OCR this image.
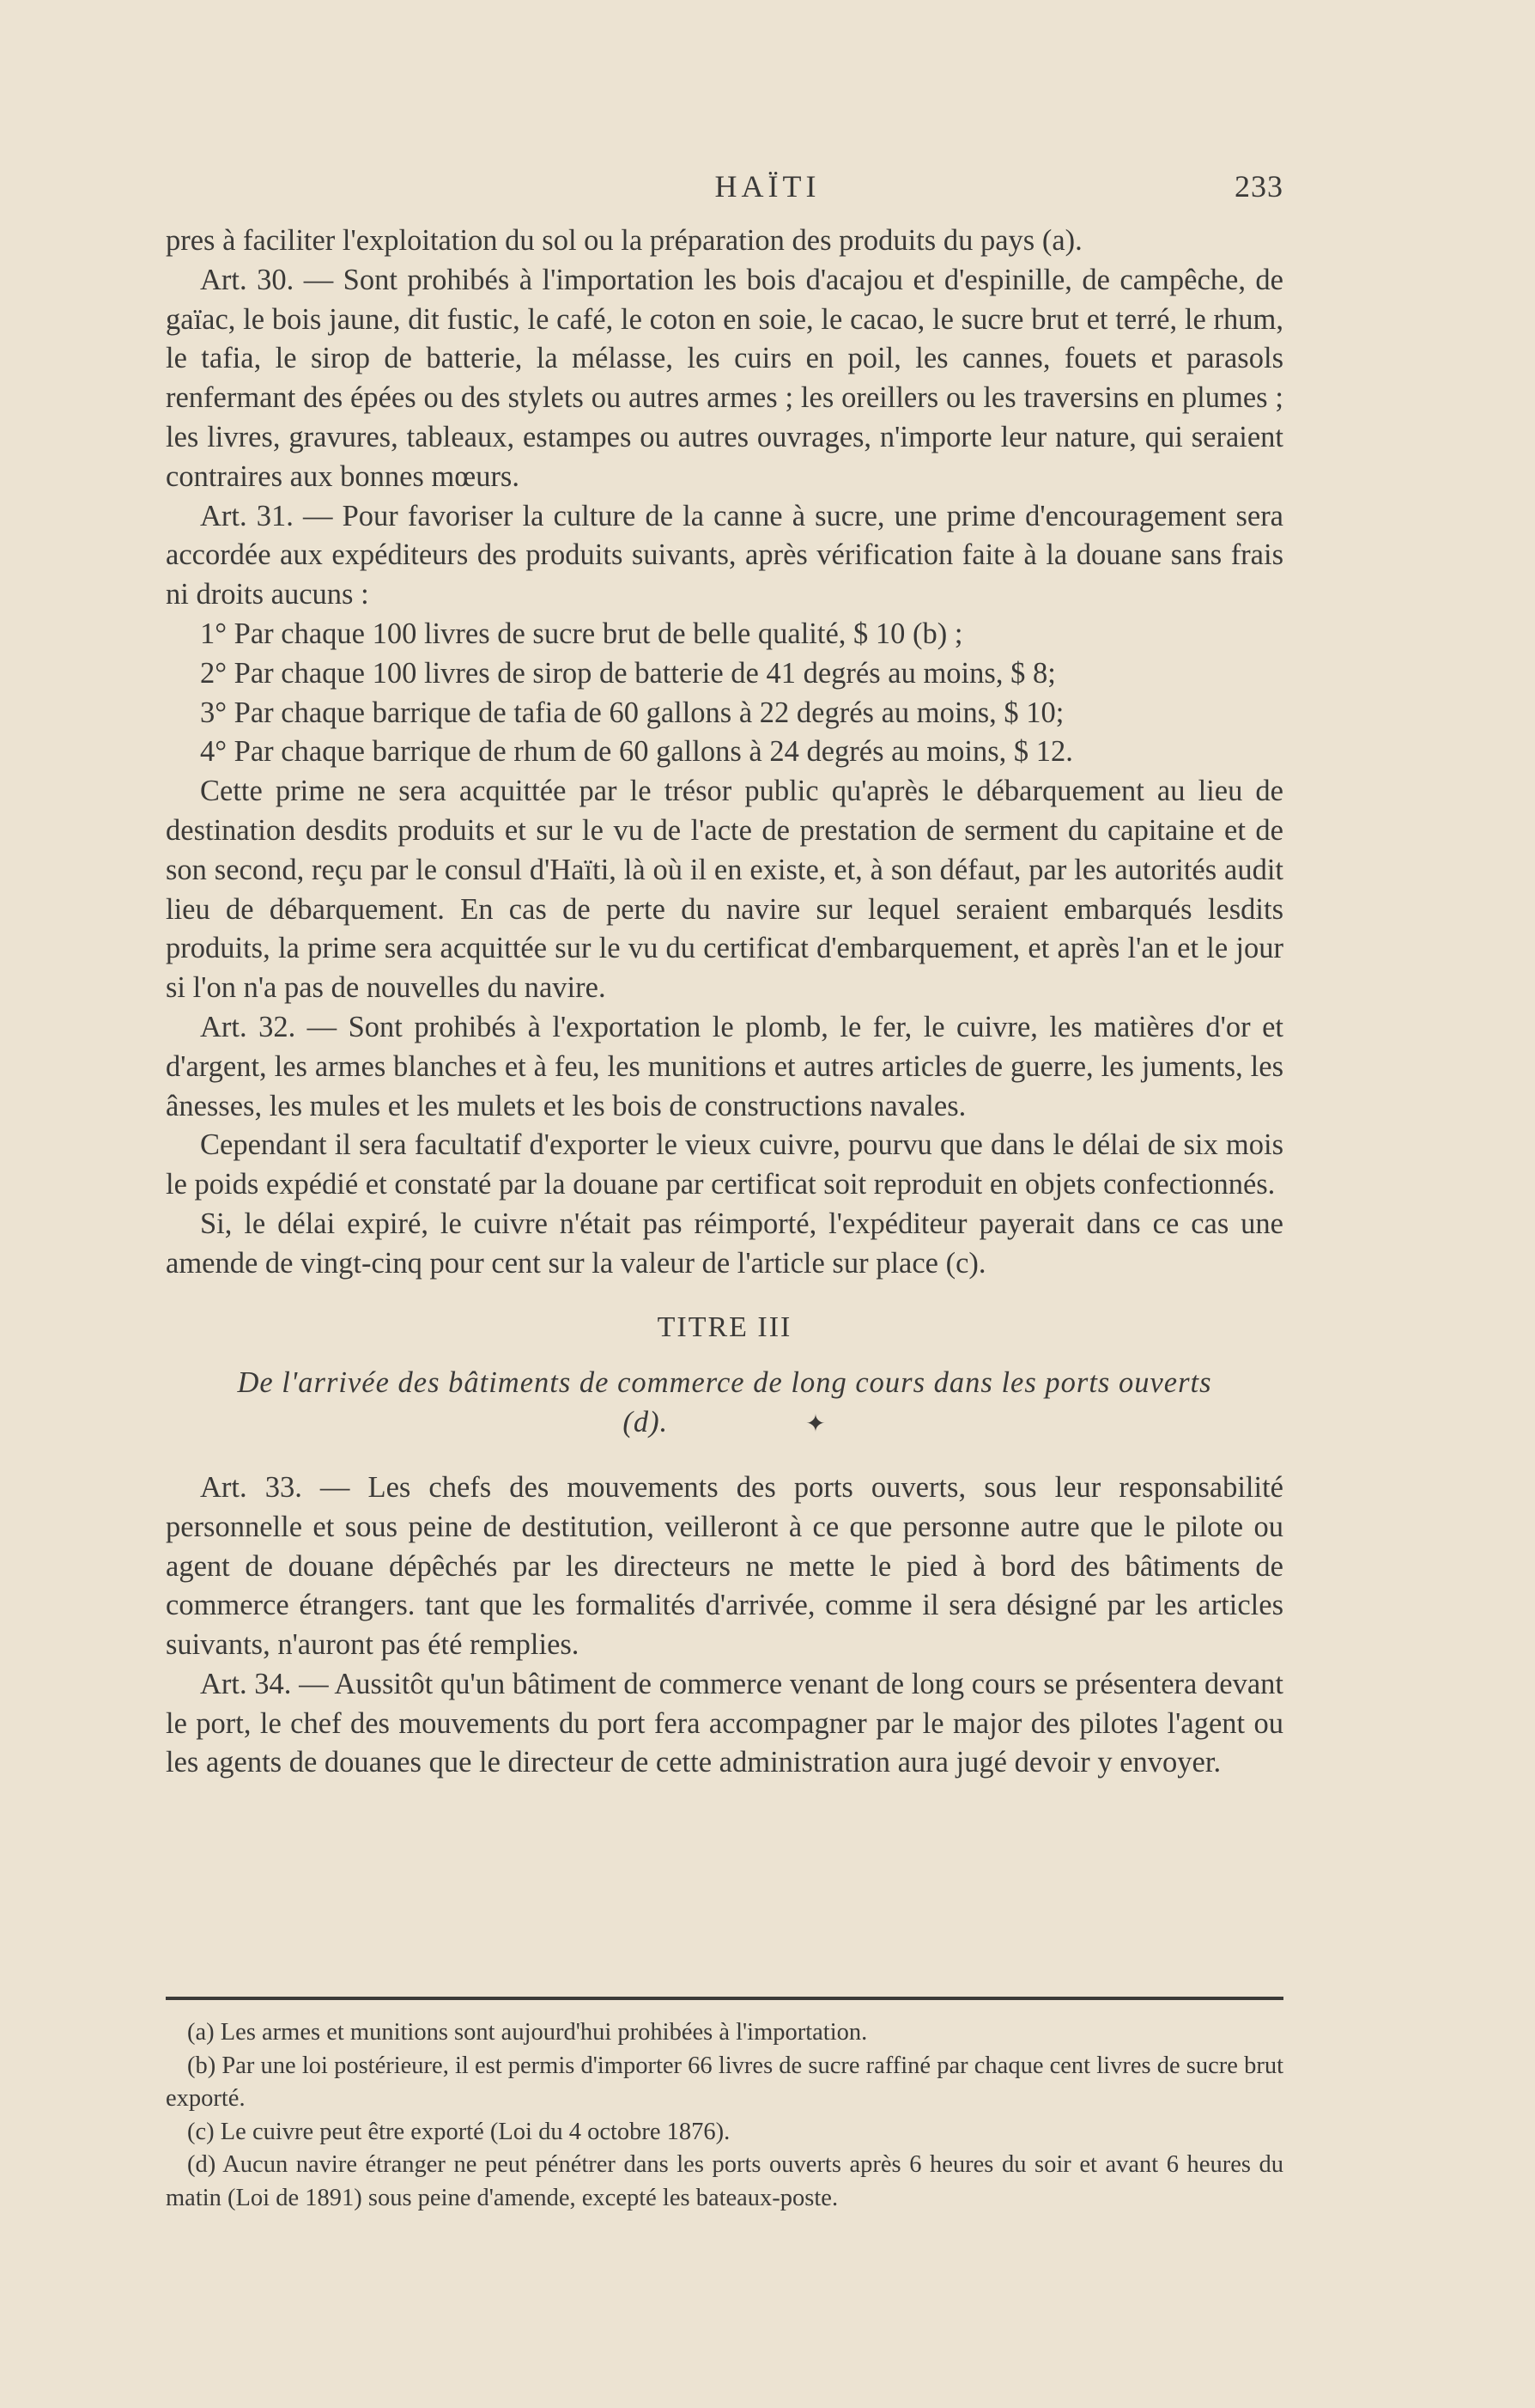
HAÏTI	233

pres à faciliter l'exploitation du sol ou la préparation des produits du pays (a).

Art. 30. — Sont prohibés à l'importation les bois d'acajou et d'espinille, de campêche, de gaïac, le bois jaune, dit fustic, le café, le coton en soie, le cacao, le sucre brut et terré, le rhum, le tafia, le sirop de batterie, la mélasse, les cuirs en poil, les cannes, fouets et parasols renfermant des épées ou des stylets ou autres armes ; les oreillers ou les traversins en plumes ; les livres, gravures, tableaux, estampes ou autres ouvrages, n'importe leur nature, qui seraient contraires aux bonnes mœurs.

Art. 31. — Pour favoriser la culture de la canne à sucre, une prime d'encouragement sera accordée aux expéditeurs des produits suivants, après vérification faite à la douane sans frais ni droits aucuns :

1° Par chaque 100 livres de sucre brut de belle qualité, $ 10 (b) ;

2° Par chaque 100 livres de sirop de batterie de 41 degrés au moins, $ 8;

3° Par chaque barrique de tafia de 60 gallons à 22 degrés au moins, $ 10;

4° Par chaque barrique de rhum de 60 gallons à 24 degrés au moins, $ 12.

Cette prime ne sera acquittée par le trésor public qu'après le débarquement au lieu de destination desdits produits et sur le vu de l'acte de prestation de serment du capitaine et de son second, reçu par le consul d'Haïti, là où il en existe, et, à son défaut, par les autorités audit lieu de débarquement. En cas de perte du navire sur lequel seraient embarqués lesdits produits, la prime sera acquittée sur le vu du certificat d'embarquement, et après l'an et le jour si l'on n'a pas de nouvelles du navire.

Art. 32. — Sont prohibés à l'exportation le plomb, le fer, le cuivre, les matières d'or et d'argent, les armes blanches et à feu, les munitions et autres articles de guerre, les juments, les ânesses, les mules et les mulets et les bois de constructions navales.

Cependant il sera facultatif d'exporter le vieux cuivre, pourvu que dans le délai de six mois le poids expédié et constaté par la douane par certificat soit reproduit en objets confectionnés.

Si, le délai expiré, le cuivre n'était pas réimporté, l'expéditeur payerait dans ce cas une amende de vingt-cinq pour cent sur la valeur de l'article sur place (c).

TITRE III
De l'arrivée des bâtiments de commerce de long cours dans les ports ouverts (d).	✦

Art. 33. — Les chefs des mouvements des ports ouverts, sous leur responsabilité personnelle et sous peine de destitution, veilleront à ce que personne autre que le pilote ou agent de douane dépêchés par les directeurs ne mette le pied à bord des bâtiments de commerce étrangers. tant que les formalités d'arrivée, comme il sera désigné par les articles suivants, n'auront pas été remplies.

Art. 34. — Aussitôt qu'un bâtiment de commerce venant de long cours se présentera devant le port, le chef des mouvements du port fera accompagner par le major des pilotes l'agent ou les agents de douanes que le directeur de cette administration aura jugé devoir y envoyer.

(a) Les armes et munitions sont aujourd'hui prohibées à l'importation.

(b) Par une loi postérieure, il est permis d'importer 66 livres de sucre raffiné par chaque cent livres de sucre brut exporté.

(c) Le cuivre peut être exporté (Loi du 4 octobre 1876).

(d) Aucun navire étranger ne peut pénétrer dans les ports ouverts après 6 heures du soir et avant 6 heures du matin (Loi de 1891) sous peine d'amende, excepté les bateaux-poste.
